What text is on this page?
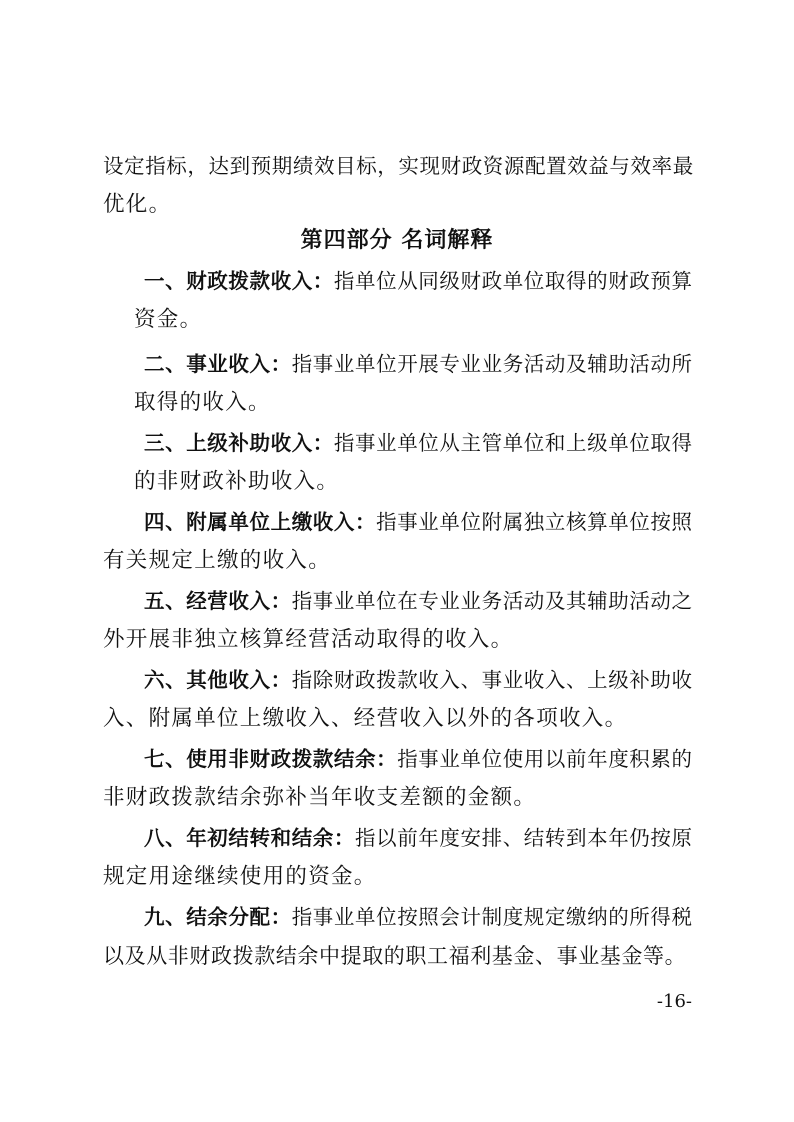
设定指标，达到预期绩效目标，实现财政资源配置效益与效率最
优化。
第四部分 名词解释
一、财政拨款收入：指单位从同级财政单位取得的财政预算
资金。
二、事业收入：指事业单位开展专业业务活动及辅助活动所
取得的收入。
三、上级补助收入：指事业单位从主管单位和上级单位取得
的非财政补助收入。
四、附属单位上缴收入：指事业单位附属独立核算单位按照
有关规定上缴的收入。
五、经营收入：指事业单位在专业业务活动及其辅助活动之
外开展非独立核算经营活动取得的收入。
六、其他收入：指除财政拨款收入、事业收入、上级补助收
入、附属单位上缴收入、经营收入以外的各项收入。
七、使用非财政拨款结余：指事业单位使用以前年度积累的
非财政拨款结余弥补当年收支差额的金额。
八、年初结转和结余：指以前年度安排、结转到本年仍按原
规定用途继续使用的资金。
九、结余分配：指事业单位按照会计制度规定缴纳的所得税
以及从非财政拨款结余中提取的职工福利基金、事业基金等。
-16-
